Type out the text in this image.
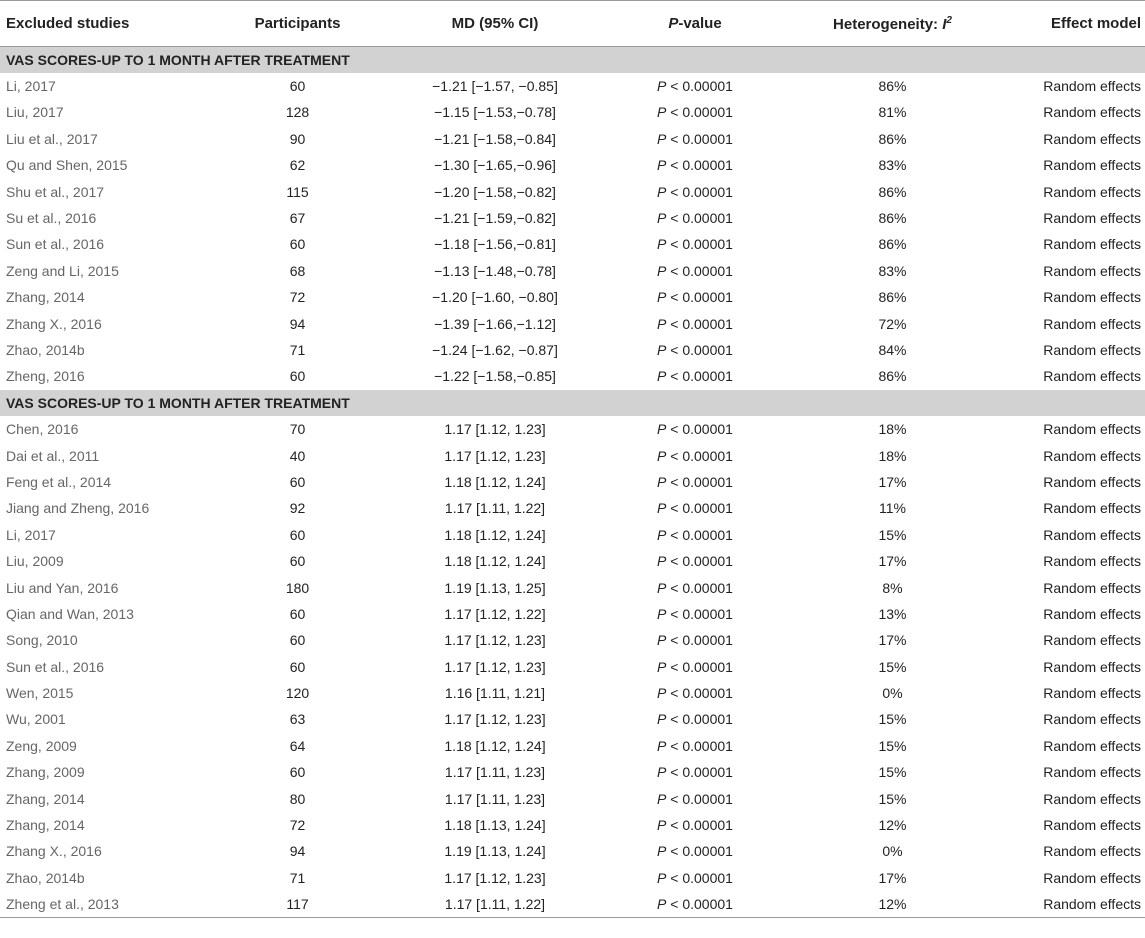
Excluded studies	Participants	MD (95% CI)	P-value	Heterogeneity: $I^2$	Effect model
VAS SCORES-UP TO 1 MONTH AFTER TREATMENT					
Li, 2017	60	−1.21 [−1.57, −0.85]	P < 0.00001	86%	Random effects
Liu, 2017	128	−1.15 [−1.53,−0.78]	P < 0.00001	81%	Random effects
Liu et al., 2017	90	−1.21 [−1.58,−0.84]	P < 0.00001	86%	Random effects
Qu and Shen, 2015	62	−1.30 [−1.65,−0.96]	P < 0.00001	83%	Random effects
Shu et al., 2017	115	−1.20 [−1.58,−0.82]	P < 0.00001	86%	Random effects
Su et al., 2016	67	−1.21 [−1.59,−0.82]	P < 0.00001	86%	Random effects
Sun et al., 2016	60	−1.18 [−1.56,−0.81]	P < 0.00001	86%	Random effects
Zeng and Li, 2015	68	−1.13 [−1.48,−0.78]	P < 0.00001	83%	Random effects
Zhang, 2014	72	−1.20 [−1.60, −0.80]	P < 0.00001	86%	Random effects
Zhang X., 2016	94	−1.39 [−1.66,−1.12]	P < 0.00001	72%	Random effects
Zhao, 2014b	71	−1.24 [−1.62, −0.87]	P < 0.00001	84%	Random effects
Zheng, 2016	60	−1.22 [−1.58,−0.85]	P < 0.00001	86%	Random effects
VAS SCORES-UP TO 1 MONTH AFTER TREATMENT					
Chen, 2016	70	1.17 [1.12, 1.23]	P < 0.00001	18%	Random effects
Dai et al., 2011	40	1.17 [1.12, 1.23]	P < 0.00001	18%	Random effects
Feng et al., 2014	60	1.18 [1.12, 1.24]	P < 0.00001	17%	Random effects
Jiang and Zheng, 2016	92	1.17 [1.11, 1.22]	P < 0.00001	11%	Random effects
Li, 2017	60	1.18 [1.12, 1.24]	P < 0.00001	15%	Random effects
Liu, 2009	60	1.18 [1.12, 1.24]	P < 0.00001	17%	Random effects
Liu and Yan, 2016	180	1.19 [1.13, 1.25]	P < 0.00001	8%	Random effects
Qian and Wan, 2013	60	1.17 [1.12, 1.22]	P < 0.00001	13%	Random effects
Song, 2010	60	1.17 [1.12, 1.23]	P < 0.00001	17%	Random effects
Sun et al., 2016	60	1.17 [1.12, 1.23]	P < 0.00001	15%	Random effects
Wen, 2015	120	1.16 [1.11, 1.21]	P < 0.00001	0%	Random effects
Wu, 2001	63	1.17 [1.12, 1.23]	P < 0.00001	15%	Random effects
Zeng, 2009	64	1.18 [1.12, 1.24]	P < 0.00001	15%	Random effects
Zhang, 2009	60	1.17 [1.11, 1.23]	P < 0.00001	15%	Random effects
Zhang, 2014	80	1.17 [1.11, 1.23]	P < 0.00001	15%	Random effects
Zhang, 2014	72	1.18 [1.13, 1.24]	P < 0.00001	12%	Random effects
Zhang X., 2016	94	1.19 [1.13, 1.24]	P < 0.00001	0%	Random effects
Zhao, 2014b	71	1.17 [1.12, 1.23]	P < 0.00001	17%	Random effects
Zheng et al., 2013	117	1.17 [1.11, 1.22]	P < 0.00001	12%	Random effects
